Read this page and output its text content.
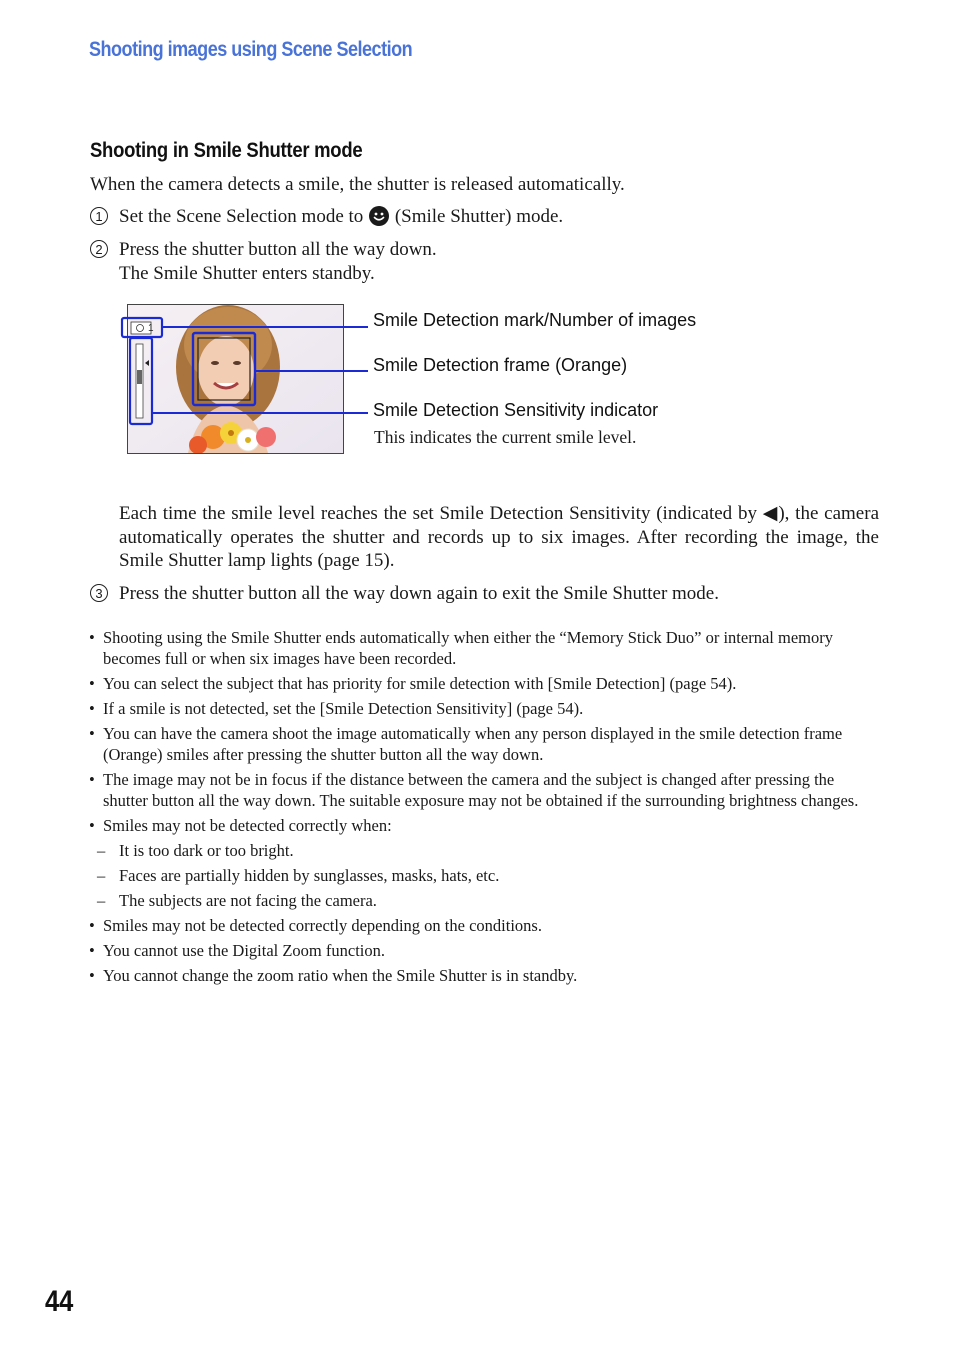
Shooting images using Scene Selection
Shooting in Smile Shutter mode
When the camera detects a smile, the shutter is released automatically.
1 Set the Scene Selection mode to (Smile Shutter) mode.
2 Press the shutter button all the way down.
The Smile Shutter enters standby.
1	Smile Detection mark/Number of images
Smile Detection frame (Orange)
Smile Detection Sensitivity indicator
This indicates the current smile level.
Each time the smile level reaches the set Smile Detection Sensitivity (indicated by ◀), the camera automatically operates the shutter and records up to six images. After recording the image, the Smile Shutter lamp lights (page 15).
3 Press the shutter button all the way down again to exit the Smile Shutter mode.
• Shooting using the Smile Shutter ends automatically when either the “Memory Stick Duo” or internal memory becomes full or when six images have been recorded.
• You can select the subject that has priority for smile detection with [Smile Detection] (page 54).
• If a smile is not detected, set the [Smile Detection Sensitivity] (page 54).
• You can have the camera shoot the image automatically when any person displayed in the smile detection frame (Orange) smiles after pressing the shutter button all the way down.
• The image may not be in focus if the distance between the camera and the subject is changed after pressing the shutter button all the way down. The suitable exposure may not be obtained if the surrounding brightness changes.
• Smiles may not be detected correctly when:
– It is too dark or too bright.
– Faces are partially hidden by sunglasses, masks, hats, etc.
– The subjects are not facing the camera.
• Smiles may not be detected correctly depending on the conditions.
• You cannot use the Digital Zoom function.
• You cannot change the zoom ratio when the Smile Shutter is in standby.
44
